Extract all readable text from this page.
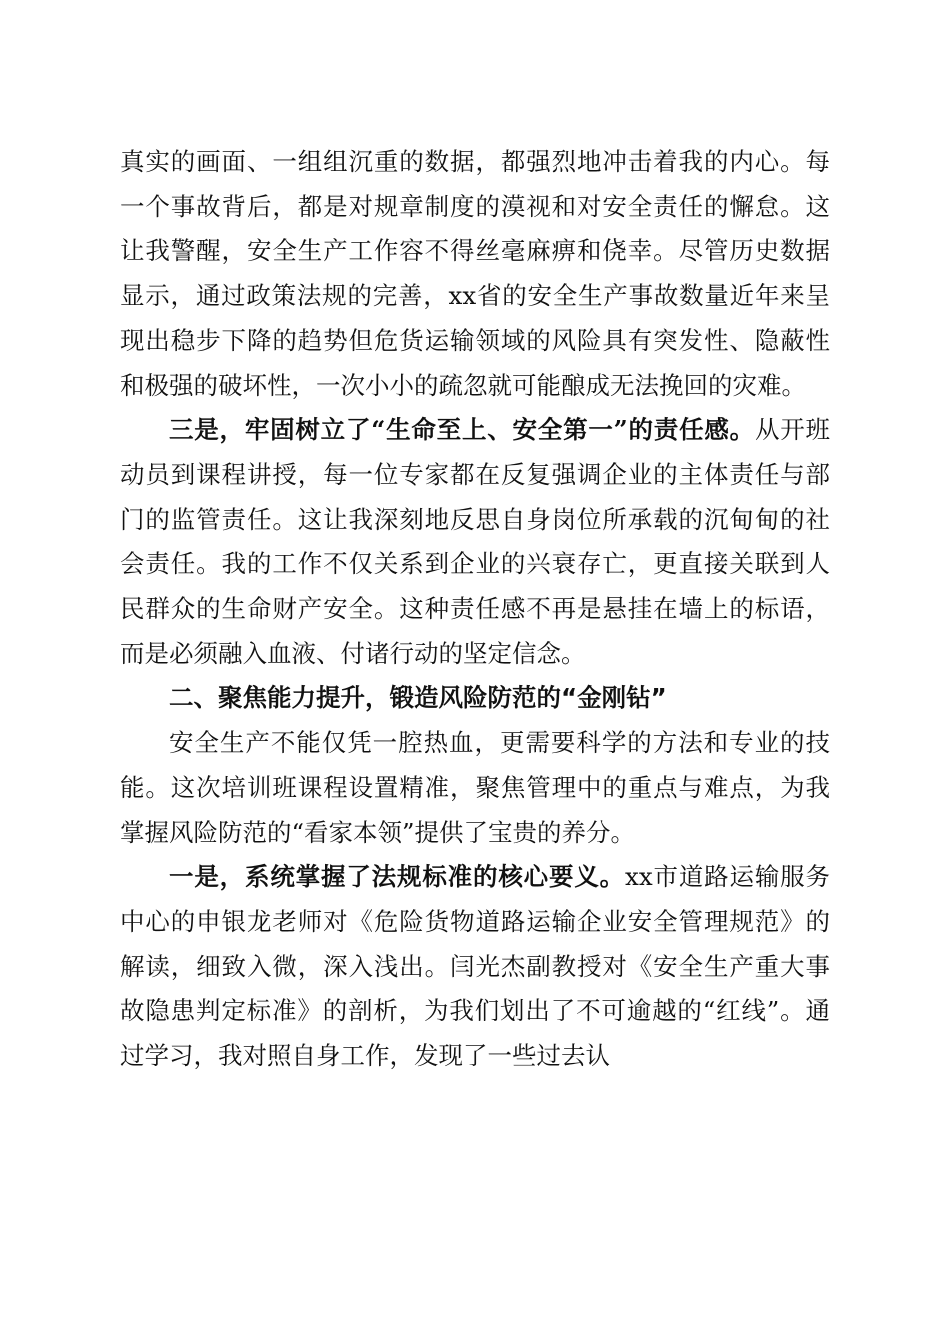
真实的画面、一组组沉重的数据，都强烈地冲击着我的内心。每一个事故背后，都是对规章制度的漠视和对安全责任的懈怠。这让我警醒，安全生产工作容不得丝毫麻痹和侥幸。尽管历史数据显示，通过政策法规的完善，xx省的安全生产事故数量近年来呈现出稳步下降的趋势但危货运输领域的风险具有突发性、隐蔽性和极强的破坏性，一次小小的疏忽就可能酿成无法挽回的灾难。

三是，牢固树立了“生命至上、安全第一”的责任感。从开班动员到课程讲授，每一位专家都在反复强调企业的主体责任与部门的监管责任。这让我深刻地反思自身岗位所承载的沉甸甸的社会责任。我的工作不仅关系到企业的兴衰存亡，更直接关联到人民群众的生命财产安全。这种责任感不再是悬挂在墙上的标语，而是必须融入血液、付诸行动的坚定信念。

二、聚焦能力提升，锻造风险防范的“金刚钻”

安全生产不能仅凭一腔热血，更需要科学的方法和专业的技能。这次培训班课程设置精准，聚焦管理中的重点与难点，为我掌握风险防范的“看家本领”提供了宝贵的养分。

一是，系统掌握了法规标准的核心要义。xx市道路运输服务中心的申银龙老师对《危险货物道路运输企业安全管理规范》的解读，细致入微，深入浅出。闫光杰副教授对《安全生产重大事故隐患判定标准》的剖析，为我们划出了不可逾越的“红线”。通过学习，我对照自身工作，发现了一些过去认
